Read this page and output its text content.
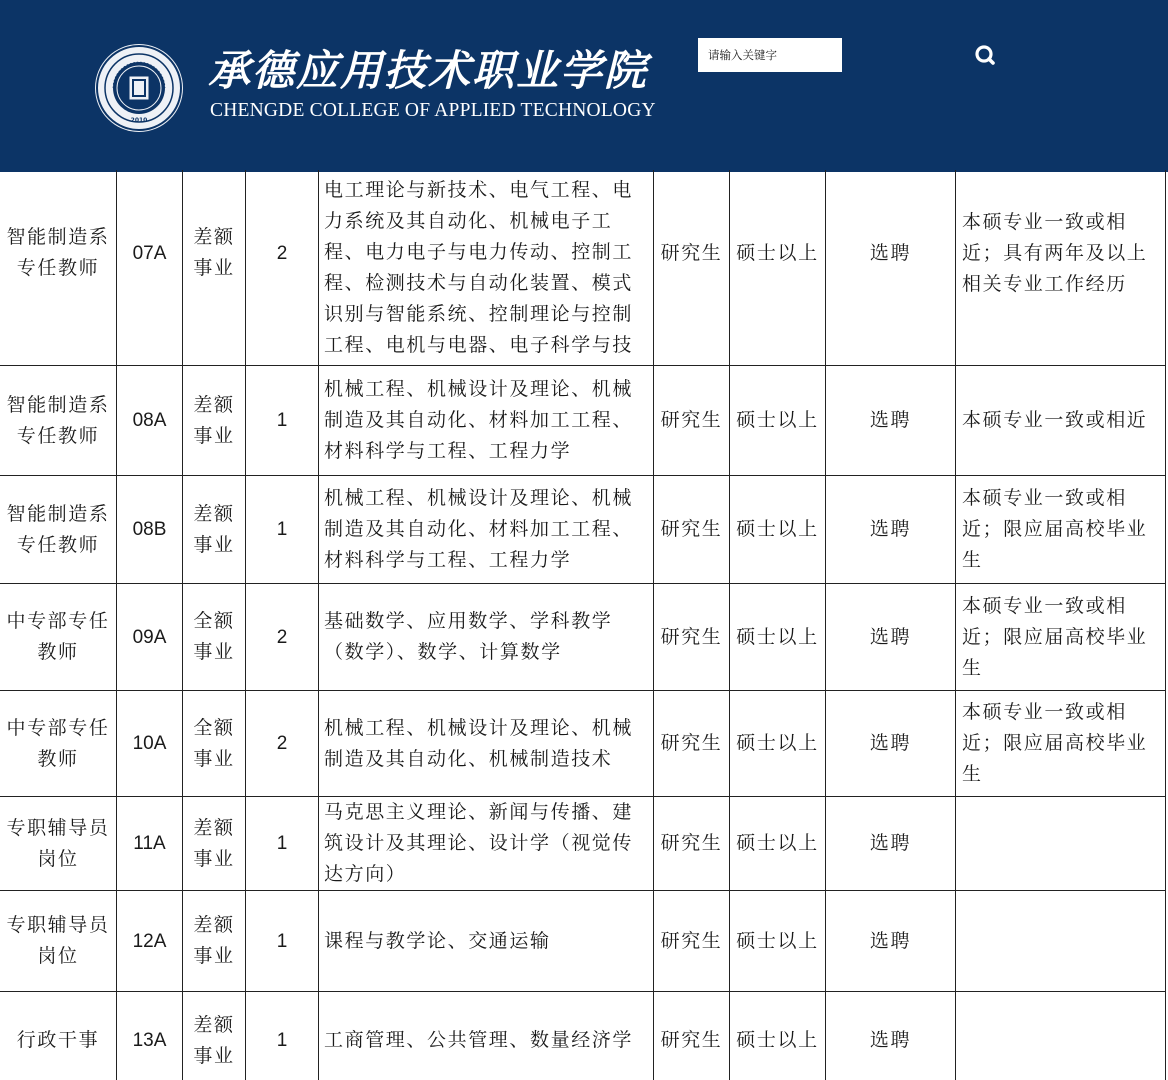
2010
承德应用技术职业学院
CHENGDE COLLEGE OF APPLIED TECHNOLOGY
请输入关键字
智能制造系专任教师	07A	差额事业	2	电工理论与新技术、电气工程、电力系统及其自动化、机械电子工程、电力电子与电力传动、控制工程、检测技术与自动化装置、模式识别与智能系统、控制理论与控制工程、电机与电器、电子科学与技	研究生	硕士以上	选聘	本硕专业一致或相近；具有两年及以上相关专业工作经历
智能制造系专任教师	08A	差额事业	1	机械工程、机械设计及理论、机械制造及其自动化、材料加工工程、材料科学与工程、工程力学	研究生	硕士以上	选聘	本硕专业一致或相近
智能制造系专任教师	08B	差额事业	1	机械工程、机械设计及理论、机械制造及其自动化、材料加工工程、材料科学与工程、工程力学	研究生	硕士以上	选聘	本硕专业一致或相近；限应届高校毕业生
中专部专任教师	09A	全额事业	2	基础数学、应用数学、学科教学（数学）、数学、计算数学	研究生	硕士以上	选聘	本硕专业一致或相近；限应届高校毕业生
中专部专任教师	10A	全额事业	2	机械工程、机械设计及理论、机械制造及其自动化、机械制造技术	研究生	硕士以上	选聘	本硕专业一致或相近；限应届高校毕业生
专职辅导员岗位	11A	差额事业	1	马克思主义理论、新闻与传播、建筑设计及其理论、设计学（视觉传达方向）	研究生	硕士以上	选聘	
专职辅导员岗位	12A	差额事业	1	课程与教学论、交通运输	研究生	硕士以上	选聘	
行政干事	13A	差额事业	1	工商管理、公共管理、数量经济学	研究生	硕士以上	选聘	
